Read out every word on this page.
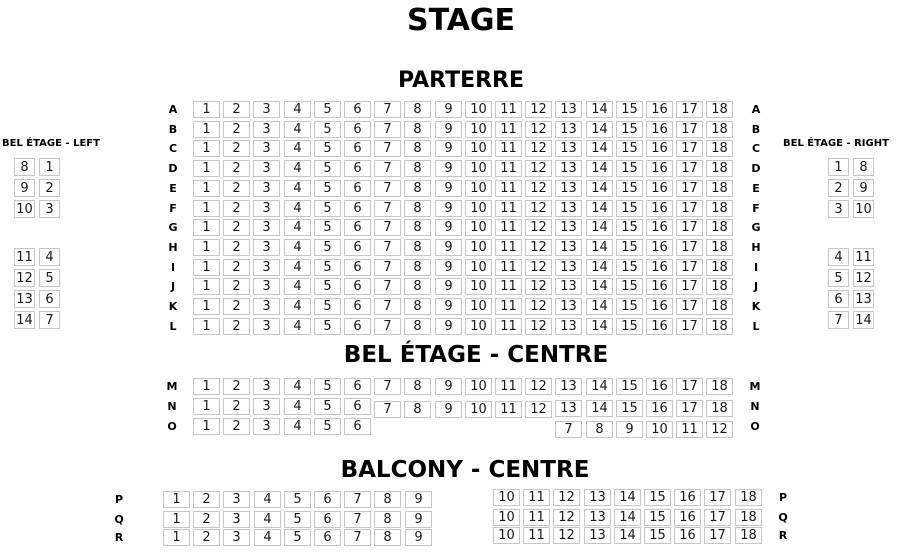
STAGE
PARTERRE
BEL ÉTAGE - CENTRE
BALCONY - CENTRE
BEL ÉTAGE - LEFT	BEL ÉTAGE - RIGHT
A	1	2	3	4	5	6	7	8	9	10	11	12	13	14	15	16	17	18	A
B	1	2	3	4	5	6	7	8	9	10	11	12	13	14	15	16	17	18	B
C	1	2	3	4	5	6	7	8	9	10	11	12	13	14	15	16	17	18	C
D	1	2	3	4	5	6	7	8	9	10	11	12	13	14	15	16	17	18	D
E	1	2	3	4	5	6	7	8	9	10	11	12	13	14	15	16	17	18	E
F	1	2	3	4	5	6	7	8	9	10	11	12	13	14	15	16	17	18	F
G	1	2	3	4	5	6	7	8	9	10	11	12	13	14	15	16	17	18	G
H	1	2	3	4	5	6	7	8	9	10	11	12	13	14	15	16	17	18	H
I	1	2	3	4	5	6	7	8	9	10	11	12	13	14	15	16	17	18	I
J	1	2	3	4	5	6	7	8	9	10	11	12	13	14	15	16	17	18	J
K	1	2	3	4	5	6	7	8	9	10	11	12	13	14	15	16	17	18	K
L	1	2	3	4	5	6	7	8	9	10	11	12	13	14	15	16	17	18	L
8	1
9	2
10 3
11 4
12 5
13 6
14 7
1	8
2	9
3 10
4 11
5 12
6 13
7 14
M	1	2	3	4	5	6	7	8	9	10	11	12	13	14	15	16	17	18	M
N	1	2	3	4	5	6	7	8	9	10	11	12	13	14	15	16	17	18	N
O	1	2	3	4	5	6	7	8	9	10	11	12	O
P	1	2	3	4	5	6	7	8	9	10	11	12	13	14	15	16	17	18	P
Q	1	2	3	4	5	6	7	8	9	10	11	12	13	14	15	16	17	18	Q
R	1	2	3	4	5	6	7	8	9	10	11	12	13	14	15	16	17	18	R
